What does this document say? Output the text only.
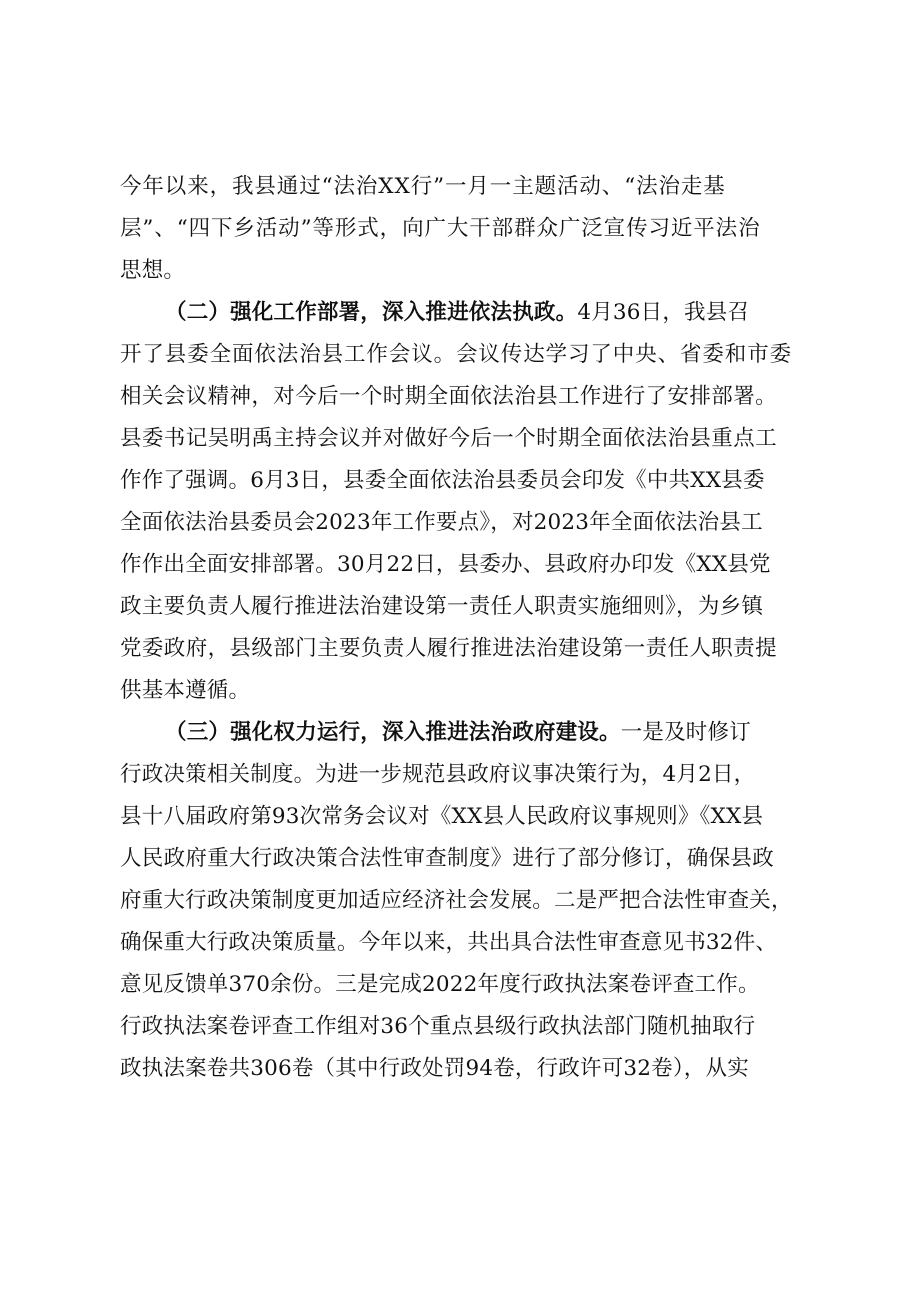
今年以来，我县通过“法治XX行”一月一主题活动、“法治走基
层”、“四下乡活动”等形式，向广大干部群众广泛宣传习近平法治
思想。
（二）强化工作部署，深入推进依法执政。4月36日，我县召
开了县委全面依法治县工作会议。会议传达学习了中央、省委和市委
相关会议精神，对今后一个时期全面依法治县工作进行了安排部署。
县委书记吴明禹主持会议并对做好今后一个时期全面依法治县重点工
作作了强调。6月3日，县委全面依法治县委员会印发《中共XX县委
全面依法治县委员会2023年工作要点》，对2023年全面依法治县工
作作出全面安排部署。30月22日，县委办、县政府办印发《XX县党
政主要负责人履行推进法治建设第一责任人职责实施细则》，为乡镇
党委政府，县级部门主要负责人履行推进法治建设第一责任人职责提
供基本遵循。
（三）强化权力运行，深入推进法治政府建设。一是及时修订
行政决策相关制度。为进一步规范县政府议事决策行为，4月2日，
县十八届政府第93次常务会议对《XX县人民政府议事规则》《XX县
人民政府重大行政决策合法性审查制度》进行了部分修订，确保县政
府重大行政决策制度更加适应经济社会发展。二是严把合法性审查关，
确保重大行政决策质量。今年以来，共出具合法性审查意见书32件、
意见反馈单370余份。三是完成2022年度行政执法案卷评查工作。
行政执法案卷评查工作组对36个重点县级行政执法部门随机抽取行
政执法案卷共306卷（其中行政处罚94卷，行政许可32卷），从实
